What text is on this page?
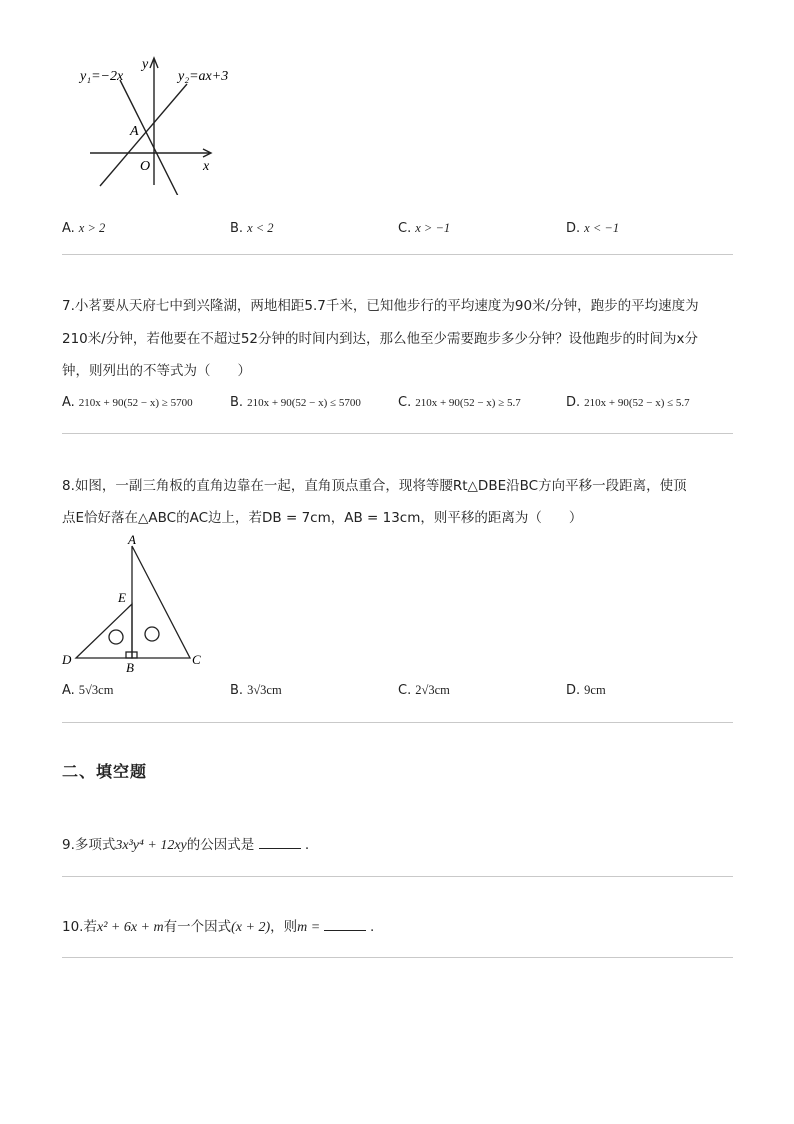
y₁=−2x	y₂=ax+3
y
x
A
O
A. x > 2	B. x < 2	C. x > −1	D. x < −1
7.小茗要从天府七中到兴隆湖，两地相距5.7千米，已知他步行的平均速度为90米/分钟，跑步的平均速度为
210米/分钟，若他要在不超过52分钟的时间内到达，那么他至少需要跑步多少分钟？设他跑步的时间为x分
钟，则列出的不等式为（　　）
A. 210x + 90(52 − x) ≥ 5700	B. 210x + 90(52 − x) ≤ 5700	C. 210x + 90(52 − x) ≥ 5.7	D. 210x + 90(52 − x) ≤ 5.7
8.如图，一副三角板的直角边靠在一起，直角顶点重合，现将等腰Rt△DBE沿BC方向平移一段距离，使顶
点E恰好落在△ABC的AC边上，若DB = 7cm，AB = 13cm，则平移的距离为（　　）
A
E
D
B
C
A. 5√3cm	B. 3√3cm	C. 2√3cm	D. 9cm
二、填空题
9.多项式3x³y⁴ + 12xy的公因式是	.
10.若x² + 6x + m有一个因式(x + 2)，则m =	.
